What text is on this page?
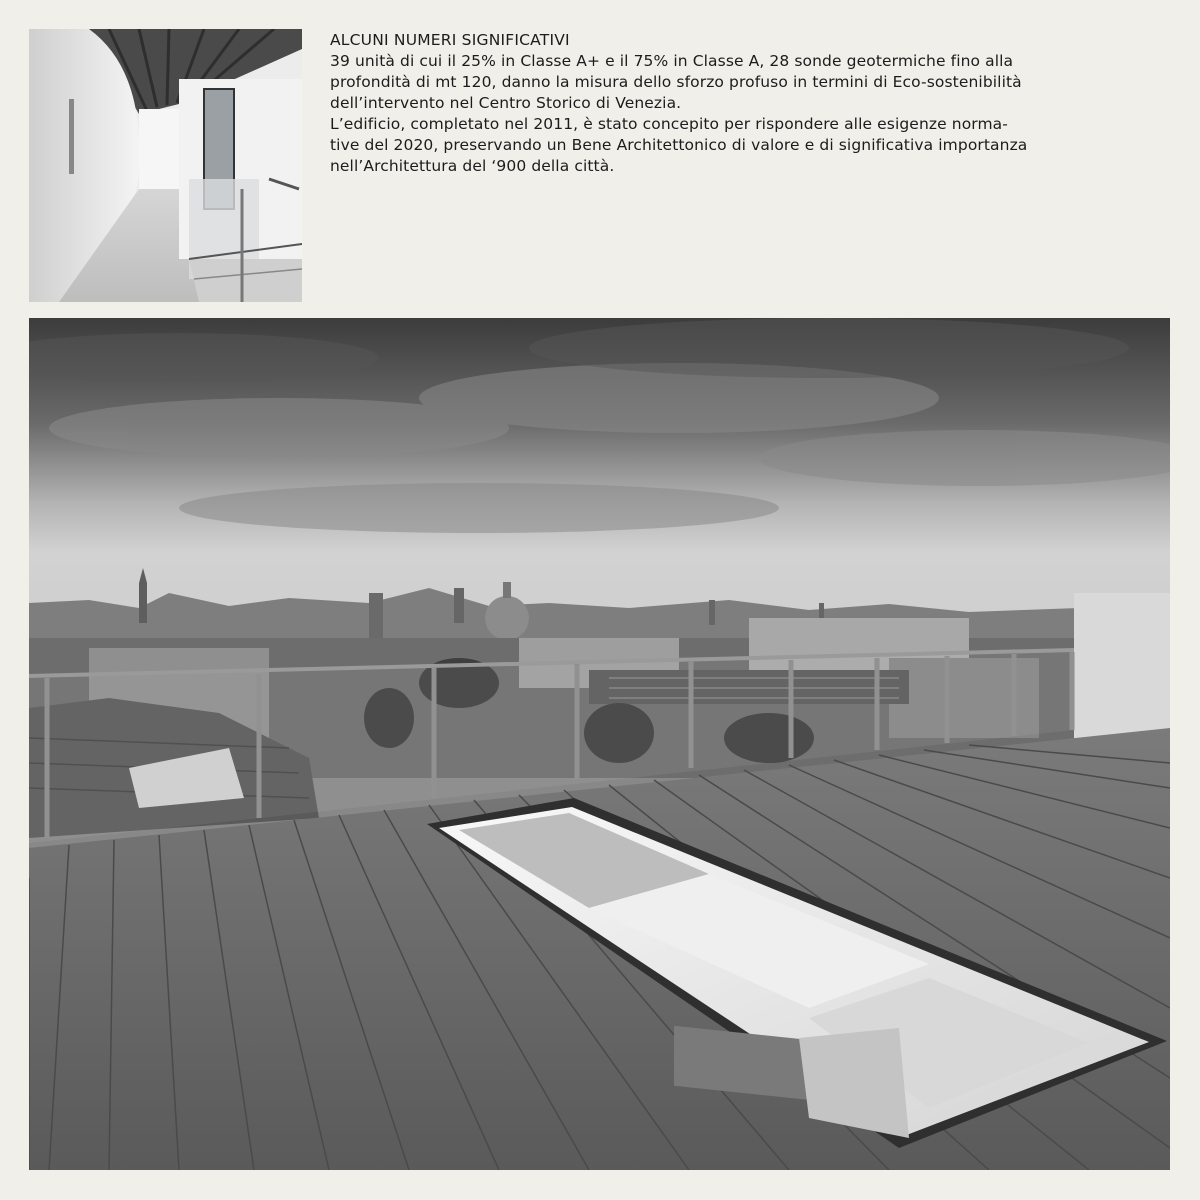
ALCUNI NUMERI SIGNIFICATIVI

39 unità di cui il 25% in Classe A+ e il 75% in Classe A, 28 sonde geotermiche fino alla

profondità di mt 120, danno la misura dello sforzo profuso in termini di Eco-sostenibilità

dell’intervento nel Centro Storico di Venezia.

L’edificio, completato nel 2011, è stato concepito per rispondere alle esigenze norma-

tive del 2020, preservando un Bene Architettonico di valore e di significativa importanza

nell’Architettura del ‘900 della città.
